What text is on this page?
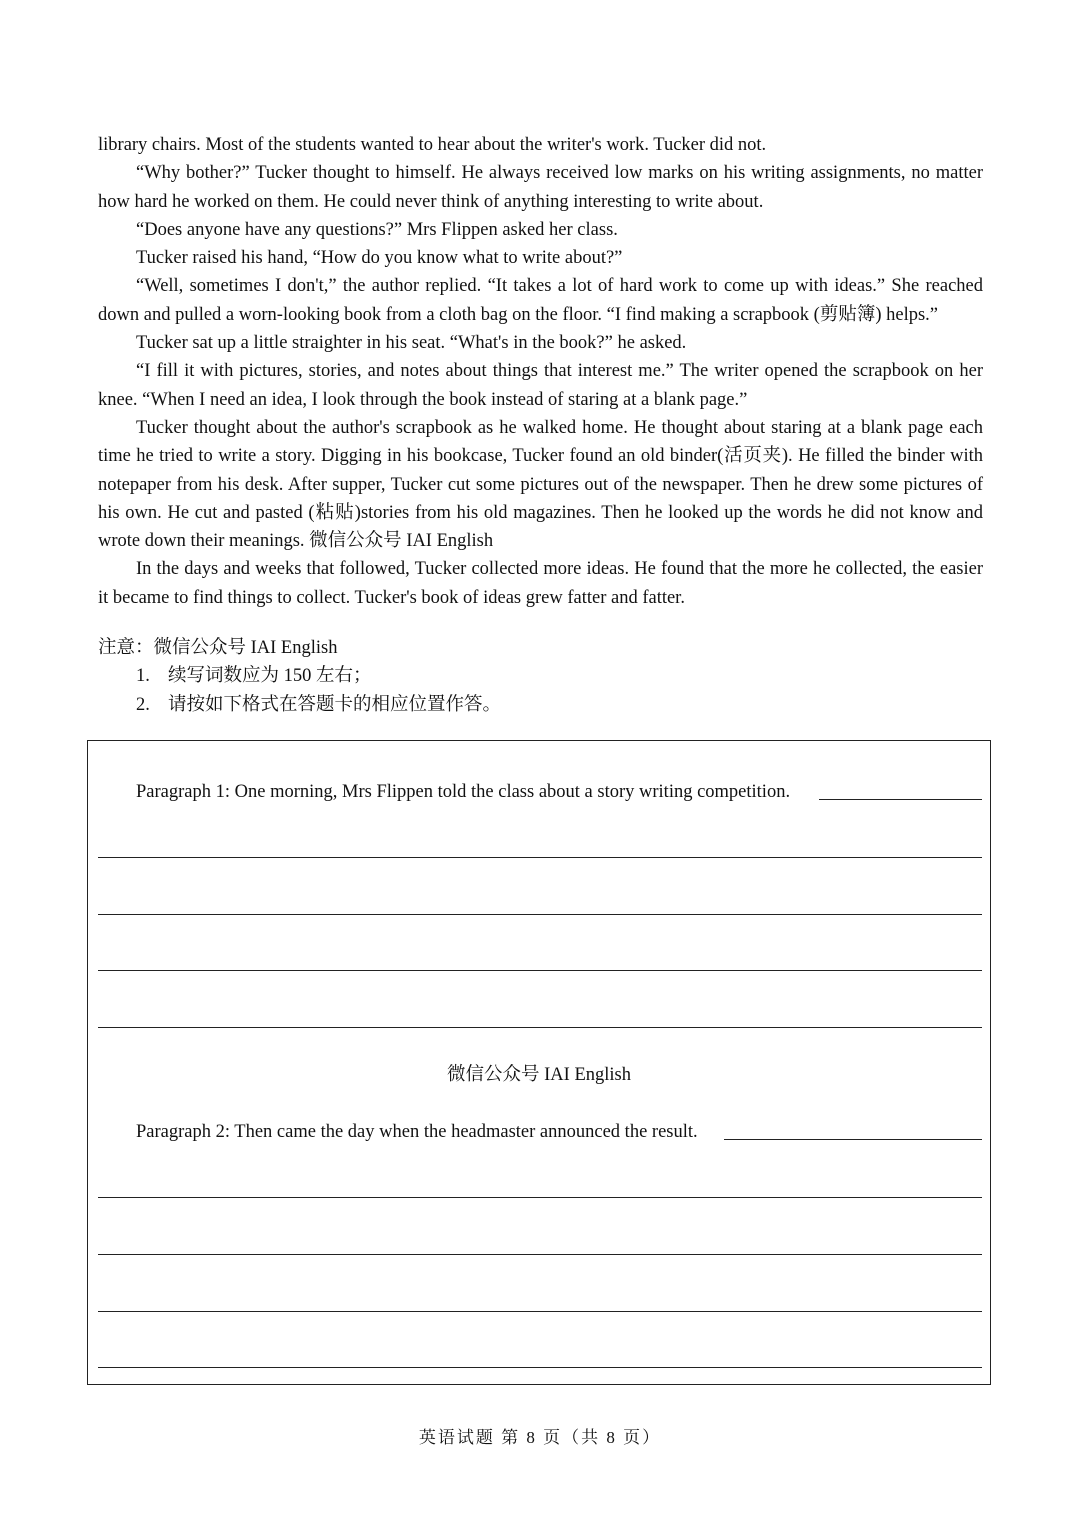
library chairs. Most of the students wanted to hear about the writer's work. Tucker did not.

“Why bother?” Tucker thought to himself. He always received low marks on his writing assignments, no matter how hard he worked on them. He could never think of anything interesting to write about.

“Does anyone have any questions?” Mrs Flippen asked her class.

Tucker raised his hand, “How do you know what to write about?”

“Well, sometimes I don't,” the author replied. “It takes a lot of hard work to come up with ideas.” She reached down and pulled a worn-looking book from a cloth bag on the floor. “I find making a scrapbook (剪贴簿) helps.”

Tucker sat up a little straighter in his seat. “What's in the book?” he asked.

“I fill it with pictures, stories, and notes about things that interest me.” The writer opened the scrapbook on her knee. “When I need an idea, I look through the book instead of staring at a blank page.”

Tucker thought about the author's scrapbook as he walked home. He thought about staring at a blank page each time he tried to write a story. Digging in his bookcase, Tucker found an old binder(活页夹). He filled the binder with notepaper from his desk. After supper, Tucker cut some pictures out of the newspaper. Then he drew some pictures of his own. He cut and pasted (粘贴)stories from his old magazines. Then he looked up the words he did not know and wrote down their meanings. 微信公众号 IAI English

In the days and weeks that followed, Tucker collected more ideas. He found that the more he collected, the easier it became to find things to collect. Tucker's book of ideas grew fatter and fatter.

注意：微信公众号 IAI English
1. 续写词数应为 150 左右；
2. 请按如下格式在答题卡的相应位置作答。
Paragraph 1: One morning, Mrs Flippen told the class about a story writing competition.
微信公众号 IAI English
Paragraph 2: Then came the day when the headmaster announced the result.
英语试题 第 8 页（共 8 页）
